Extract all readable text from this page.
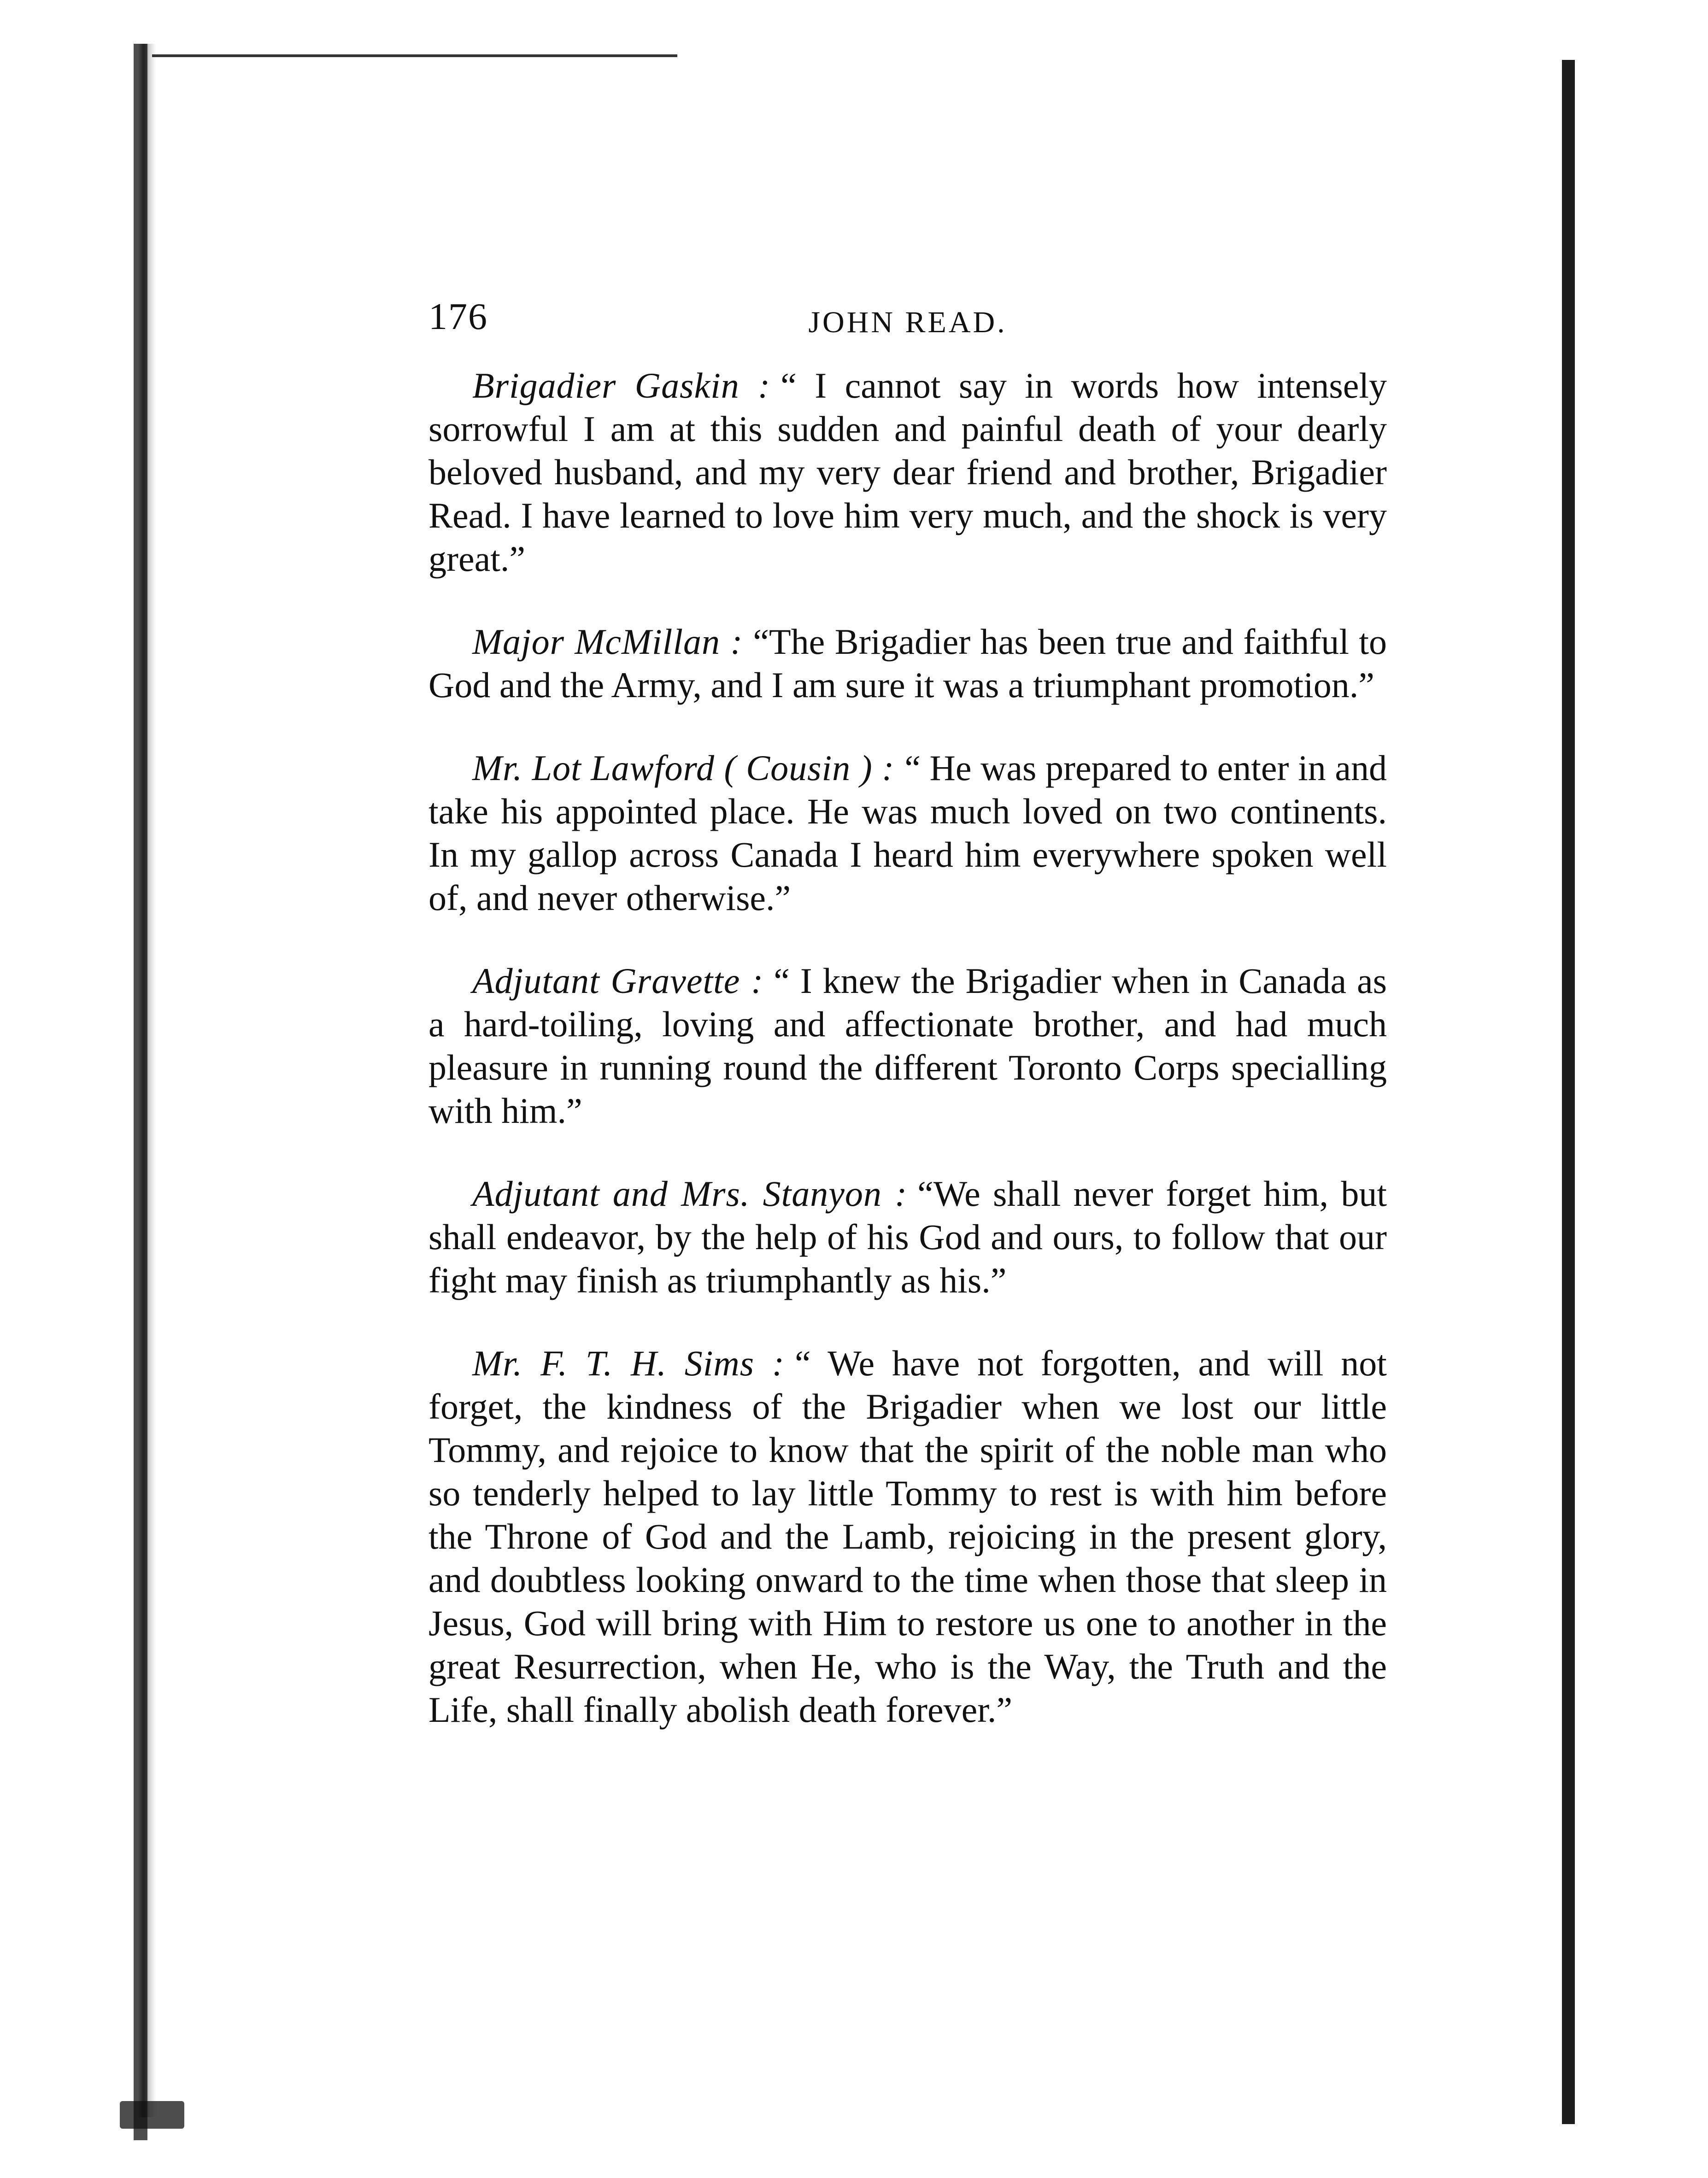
176	JOHN READ.

Brigadier Gaskin : “ I cannot say in words how intensely sorrowful I am at this sudden and painful death of your dearly beloved husband, and my very dear friend and brother, Brigadier Read. I have learned to love him very much, and the shock is very great.”

Major McMillan : “The Brigadier has been true and faithful to God and the Army, and I am sure it was a triumphant promotion.”

Mr. Lot Lawford ( Cousin ) : “ He was prepared to enter in and take his appointed place. He was much loved on two continents. In my gallop across Canada I heard him everywhere spoken well of, and never otherwise.”

Adjutant Gravette : “ I knew the Brigadier when in Canada as a hard-toiling, loving and affectionate brother, and had much pleasure in running round the different Toronto Corps specialling with him.”

Adjutant and Mrs. Stanyon : “We shall never forget him, but shall endeavor, by the help of his God and ours, to follow that our fight may finish as triumphantly as his.”

Mr. F. T. H. Sims : “ We have not forgotten, and will not forget, the kindness of the Brigadier when we lost our little Tommy, and rejoice to know that the spirit of the noble man who so tenderly helped to lay little Tommy to rest is with him before the Throne of God and the Lamb, rejoicing in the present glory, and doubtless looking onward to the time when those that sleep in Jesus, God will bring with Him to restore us one to another in the great Resurrection, when He, who is the Way, the Truth and the Life, shall finally abolish death forever.”
